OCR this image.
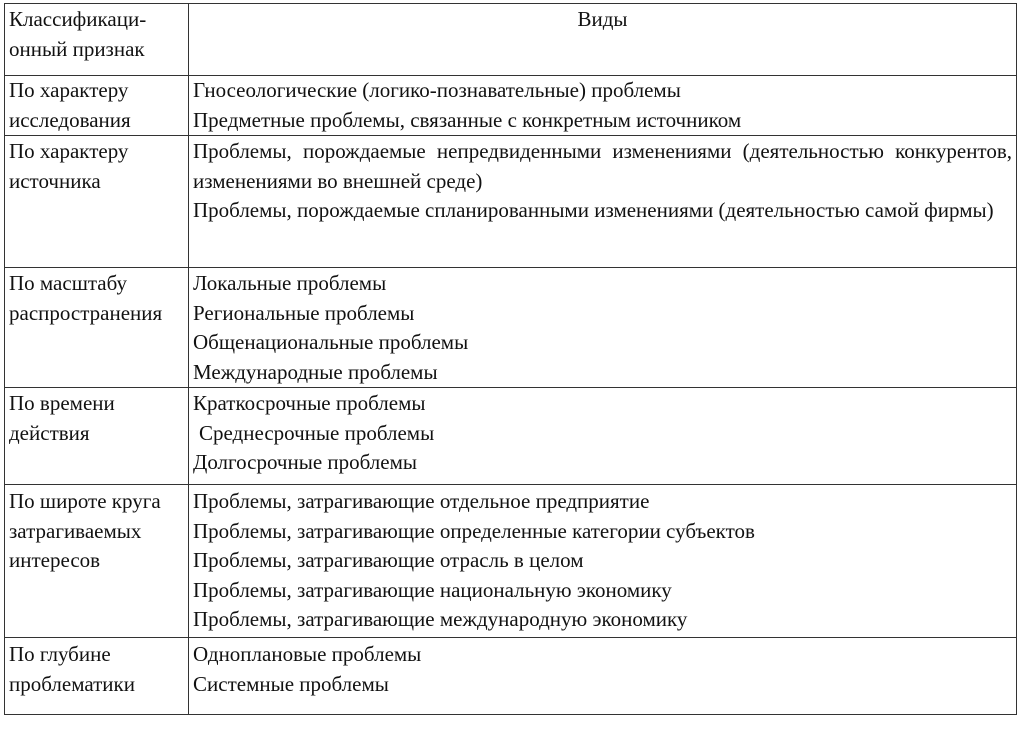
Классификаци-онный признак	Виды
По характеру исследования	Гносеологические (логико-познавательные) проблемы
Предметные проблемы, связанные с конкретным источником

По характеру источника	Проблемы, порождаемые непредвиденными изменениями (деятельностью конкурентов, изменениями во внешней среде)
Проблемы, порождаемые спланированными изменениями (деятельностью самой фирмы)

По масштабу распространения	Локальные проблемы
Региональные проблемы
Общенациональные проблемы
Международные проблемы

По времени действия	Краткосрочные проблемы
Среднесрочные проблемы
Долгосрочные проблемы

По широте круга затрагиваемых интересов	Проблемы, затрагивающие отдельное предприятие
Проблемы, затрагивающие определенные категории субъектов
Проблемы, затрагивающие отрасль в целом
Проблемы, затрагивающие национальную экономику
Проблемы, затрагивающие международную экономику

По глубине проблематики	Одноплановые проблемы
Системные проблемы
